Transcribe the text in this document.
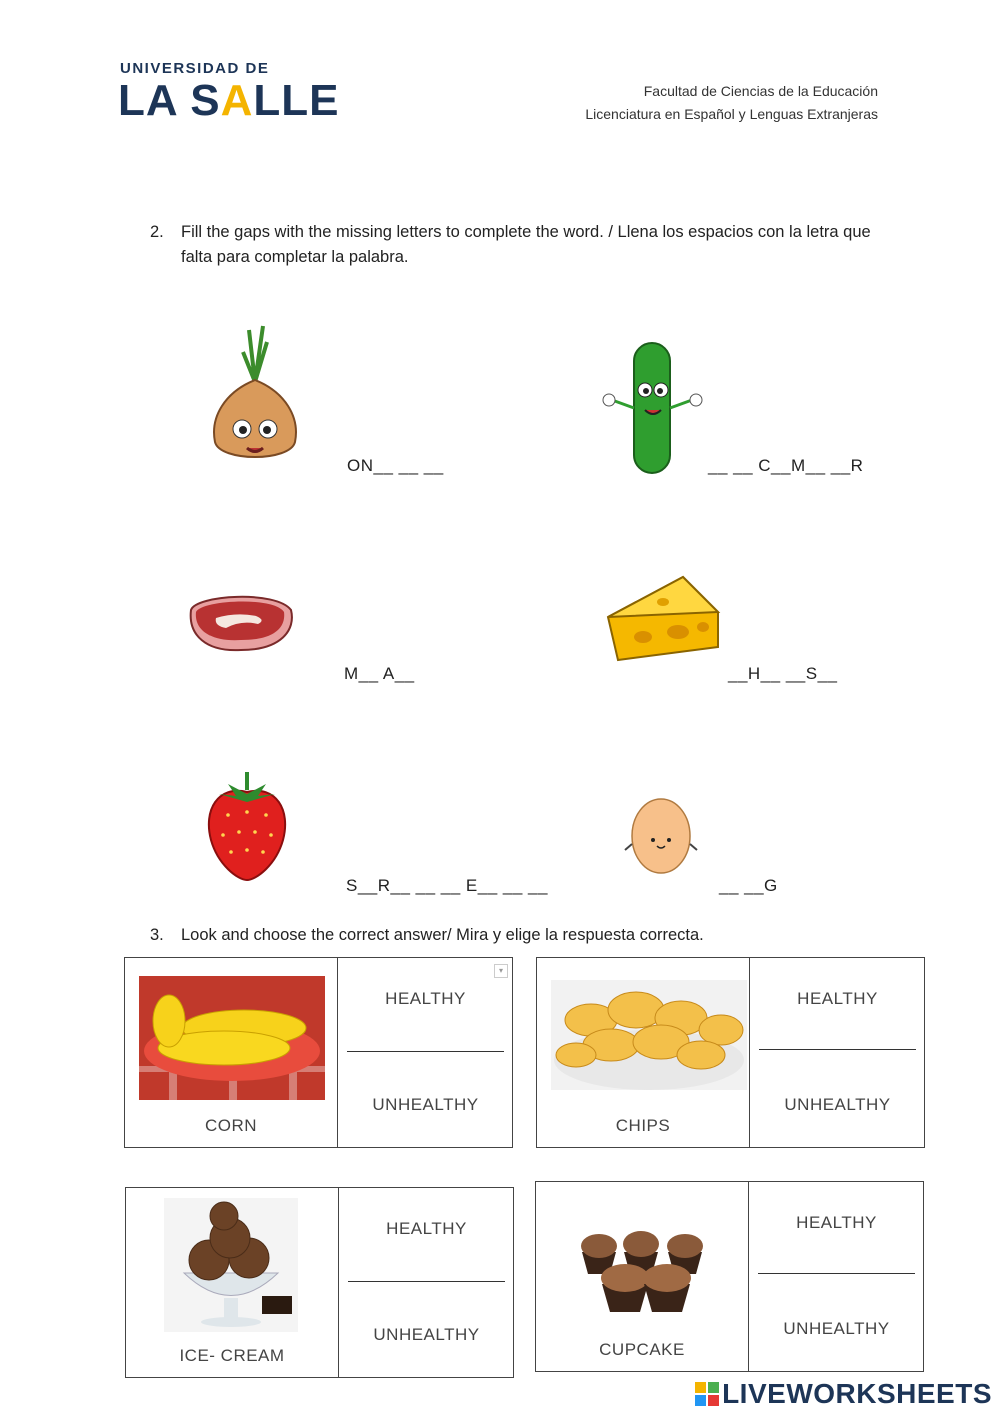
UNIVERSIDAD DE
LA SALLE	Facultad de Ciencias de la Educación
Licenciatura en Español y Lenguas Extranjeras
2. Fill the gaps with the missing letters to complete the word. / Llena los espacios con la letra que falta para completar la palabra.
ON__ __ __	__ __ C__M__ __R
M__ A__	__H__ __S__
S__R__ __ __ E__ __ __	__ __G
3. Look and choose the correct answer/ Mira y elige la respuesta correcta.
CORN
HEALTHY
UNHEALTHY
▾
CHIPS
HEALTHY
UNHEALTHY
ICE- CREAM
HEALTHY
UNHEALTHY
CUPCAKE
HEALTHY
UNHEALTHY
LIVEWORKSHEETS
